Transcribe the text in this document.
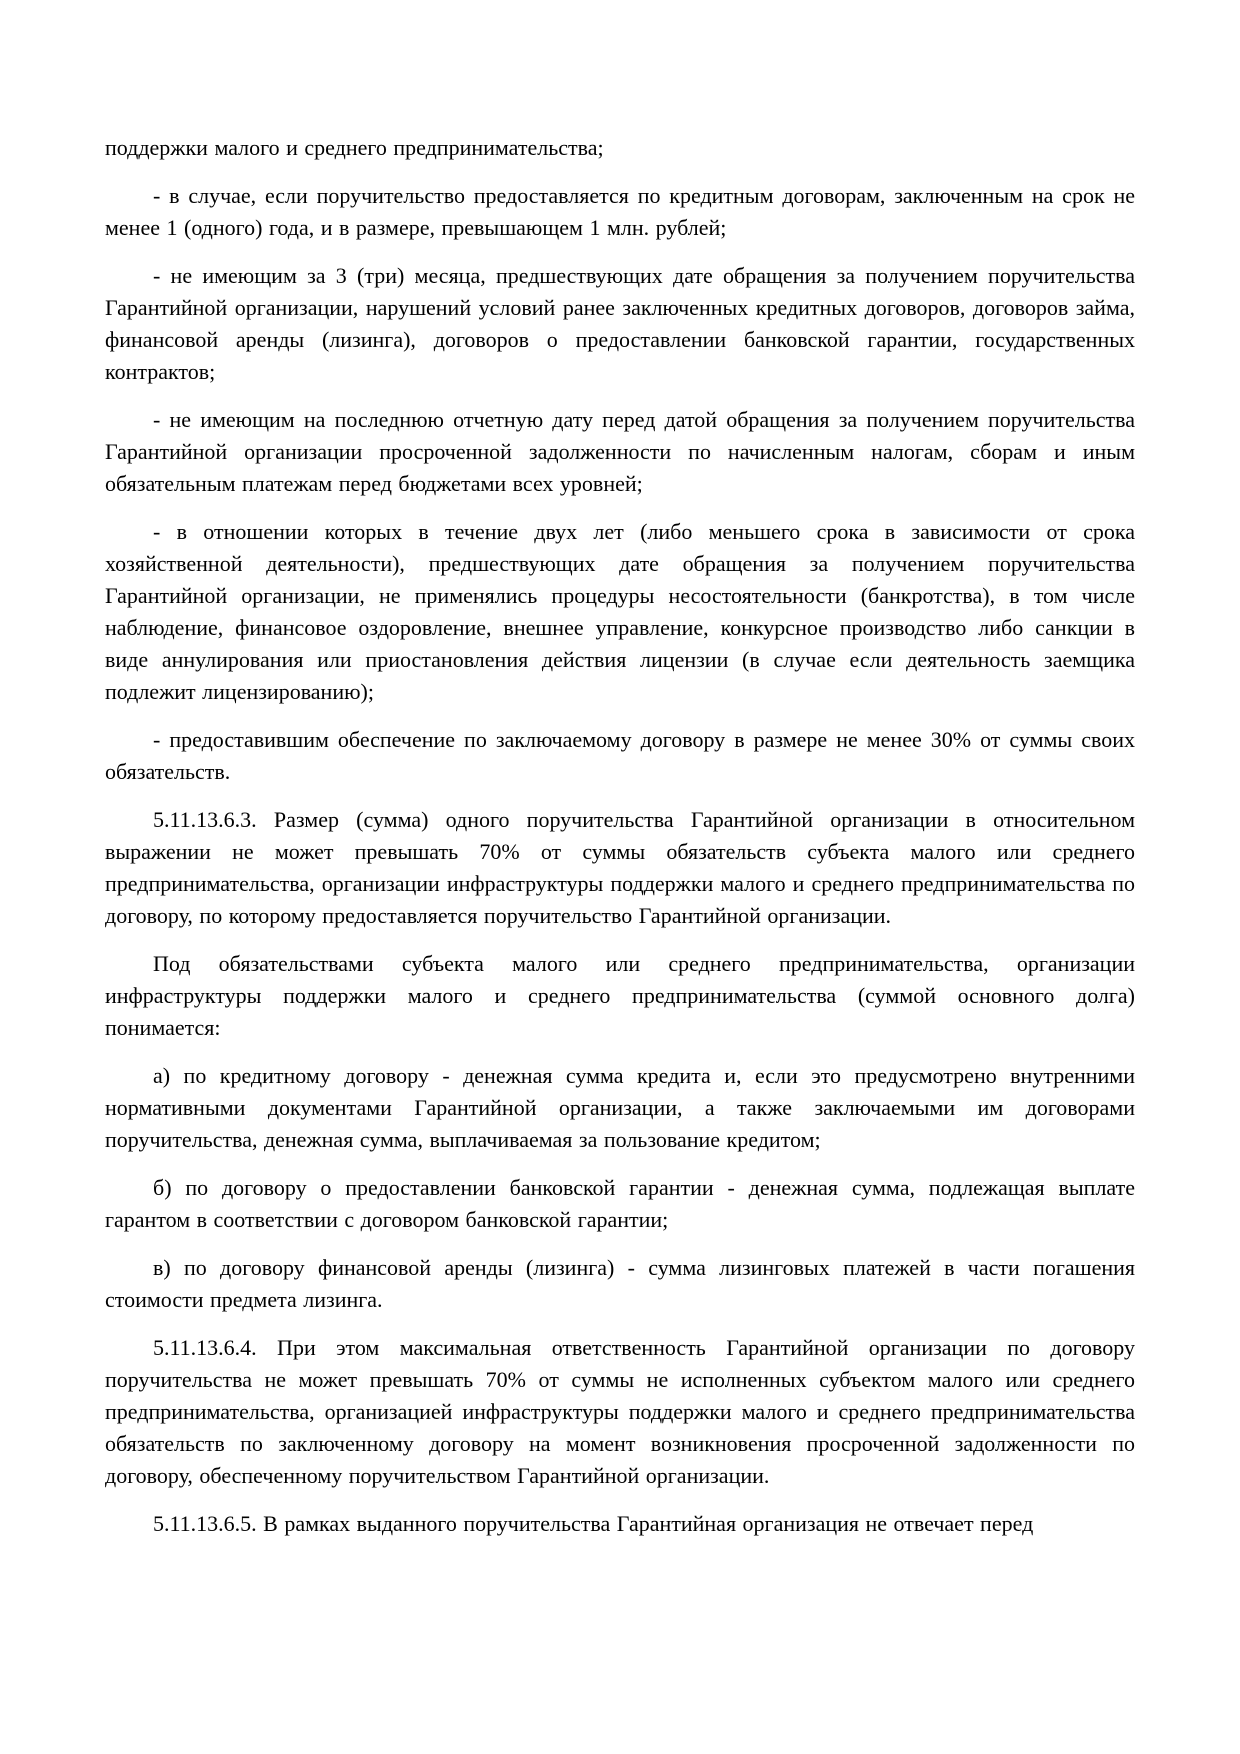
поддержки малого и среднего предпринимательства;

- в случае, если поручительство предоставляется по кредитным договорам, заключенным на срок не менее 1 (одного) года, и в размере, превышающем 1 млн. рублей;

- не имеющим за 3 (три) месяца, предшествующих дате обращения за получением поручительства Гарантийной организации, нарушений условий ранее заключенных кредитных договоров, договоров займа, финансовой аренды (лизинга), договоров о предоставлении банковской гарантии, государственных контрактов;

- не имеющим на последнюю отчетную дату перед датой обращения за получением поручительства Гарантийной организации просроченной задолженности по начисленным налогам, сборам и иным обязательным платежам перед бюджетами всех уровней;

- в отношении которых в течение двух лет (либо меньшего срока в зависимости от срока хозяйственной деятельности), предшествующих дате обращения за получением поручительства Гарантийной организации, не применялись процедуры несостоятельности (банкротства), в том числе наблюдение, финансовое оздоровление, внешнее управление, конкурсное производство либо санкции в виде аннулирования или приостановления действия лицензии (в случае если деятельность заемщика подлежит лицензированию);

- предоставившим обеспечение по заключаемому договору в размере не менее 30% от суммы своих обязательств.

5.11.13.6.3. Размер (сумма) одного поручительства Гарантийной организации в относительном выражении не может превышать 70% от суммы обязательств субъекта малого или среднего предпринимательства, организации инфраструктуры поддержки малого и среднего предпринимательства по договору, по которому предоставляется поручительство Гарантийной организации.

Под обязательствами субъекта малого или среднего предпринимательства, организации инфраструктуры поддержки малого и среднего предпринимательства (суммой основного долга) понимается:

а) по кредитному договору - денежная сумма кредита и, если это предусмотрено внутренними нормативными документами Гарантийной организации, а также заключаемыми им договорами поручительства, денежная сумма, выплачиваемая за пользование кредитом;

б) по договору о предоставлении банковской гарантии - денежная сумма, подлежащая выплате гарантом в соответствии с договором банковской гарантии;

в) по договору финансовой аренды (лизинга) - сумма лизинговых платежей в части погашения стоимости предмета лизинга.

5.11.13.6.4. При этом максимальная ответственность Гарантийной организации по договору поручительства не может превышать 70% от суммы не исполненных субъектом малого или среднего предпринимательства, организацией инфраструктуры поддержки малого и среднего предпринимательства обязательств по заключенному договору на момент возникновения просроченной задолженности по договору, обеспеченному поручительством Гарантийной организации.

5.11.13.6.5. В рамках выданного поручительства Гарантийная организация не отвечает перед
